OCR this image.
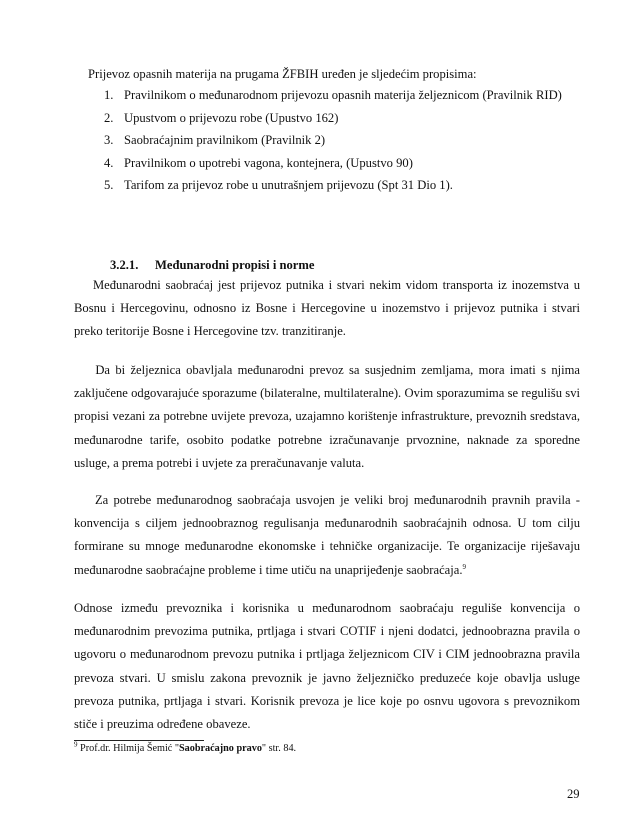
Prijevoz opasnih materija na prugama ŽFBIH uređen je sljedećim propisima:
1. Pravilnikom o međunarodnom prijevozu opasnih materija željeznicom (Pravilnik RID)
2. Upustvom o prijevozu robe (Upustvo 162)
3. Saobraćajnim pravilnikom (Pravilnik 2)
4. Pravilnikom o upotrebi vagona, kontejnera, (Upustvo 90)
5. Tarifom za prijevoz robe u unutrašnjem prijevozu (Spt 31 Dio 1).
3.2.1. Međunarodni propisi i norme

Međunarodni saobraćaj jest prijevoz putnika i stvari nekim vidom transporta iz inozemstva u

Bosnu i Hercegovinu, odnosno iz Bosne i Hercegovine u inozemstvo i prijevoz putnika i stvari

preko teritorije Bosne i Hercegovine tzv. tranzitiranje.

Da bi željeznica obavljala međunarodni prevoz sa susjednim zemljama, mora imati s njima

zaključene odgovarajuće sporazume (bilateralne, multilateralne). Ovim sporazumima se regulišu svi

propisi vezani za potrebne uvijete prevoza, uzajamno korištenje infrastrukture, prevoznih sredstava,

međunarodne tarife, osobito podatke potrebne izračunavanje prvoznine, naknade za sporedne

usluge, a prema potrebi i uvjete za preračunavanje valuta.

Za potrebe međunarodnog saobraćaja usvojen je veliki broj međunarodnih pravnih pravila -

konvencija s ciljem jednoobraznog regulisanja međunarodnih saobraćajnih odnosa. U tom cilju

formirane su mnoge međunarodne ekonomske i tehničke organizacije. Te organizacije riješavaju

međunarodne saobraćajne probleme i time utiču na unaprijeđenje saobraćaja.$^9$

Odnose između prevoznika i korisnika u međunarodnom saobraćaju reguliše konvencija o

međunarodnim prevozima putnika, prtljaga i stvari COTIF i njeni dodatci, jednoobrazna pravila o

ugovoru o međunarodnom prevozu putnika i prtljaga željeznicom CIV i CIM jednoobrazna pravila

prevoza stvari. U smislu zakona prevoznik je javno željezničko preduzeće koje obavlja usluge

prevoza putnika, prtljaga i stvari. Korisnik prevoza je lice koje po osnvu ugovora s prevoznikom

stiče i preuzima određene obaveze.

$^9$ Prof.dr. Hilmija Šemić "Saobraćajno pravo" str. 84.
29
